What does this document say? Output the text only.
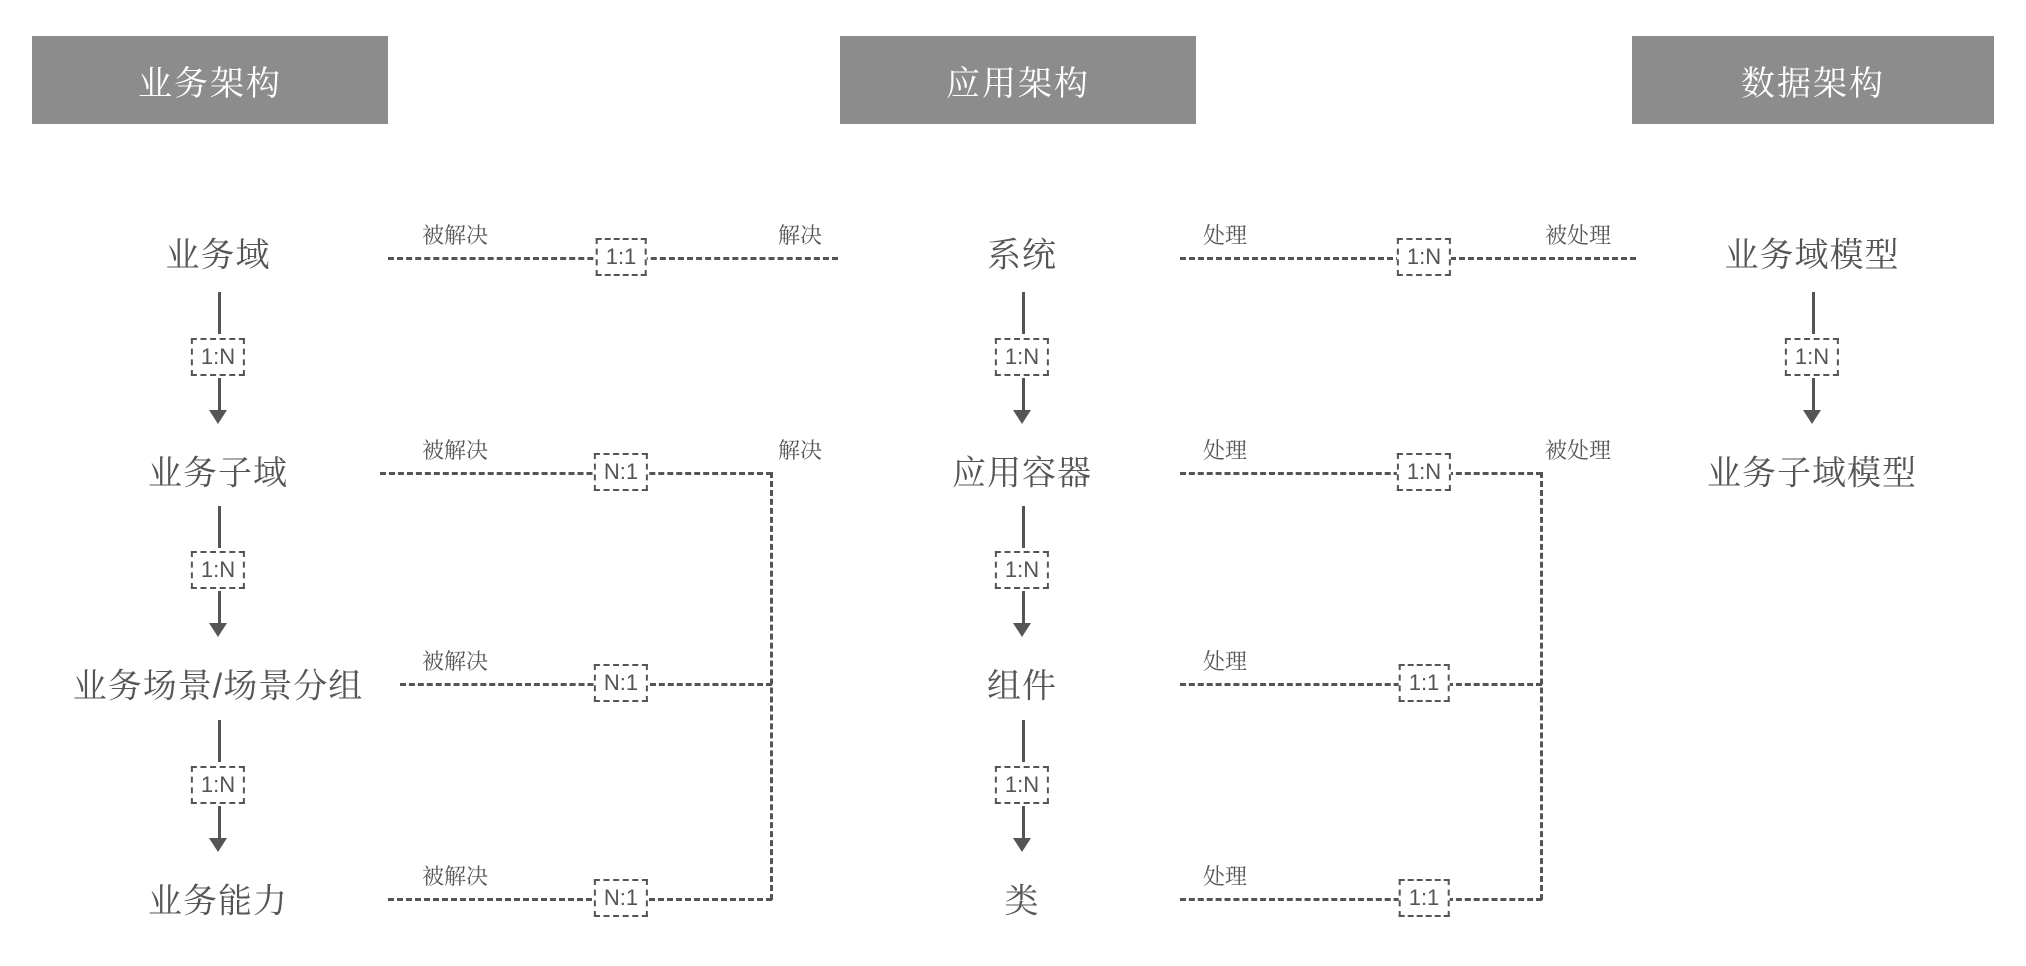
业务架构	应用架构	数据架构
业务域
业务子域
业务场景/场景分组
业务能力
1:N
1:N
1:N
1:1
被解决	解决
N:1
被解决	解决
N:1
被解决
N:1
被解决
系统
应用容器
组件
类
1:N
1:N
1:N
1:N
处理	被处理
1:N
处理	被处理
1:1
处理
1:1
处理
业务域模型
业务子域模型
1:N
